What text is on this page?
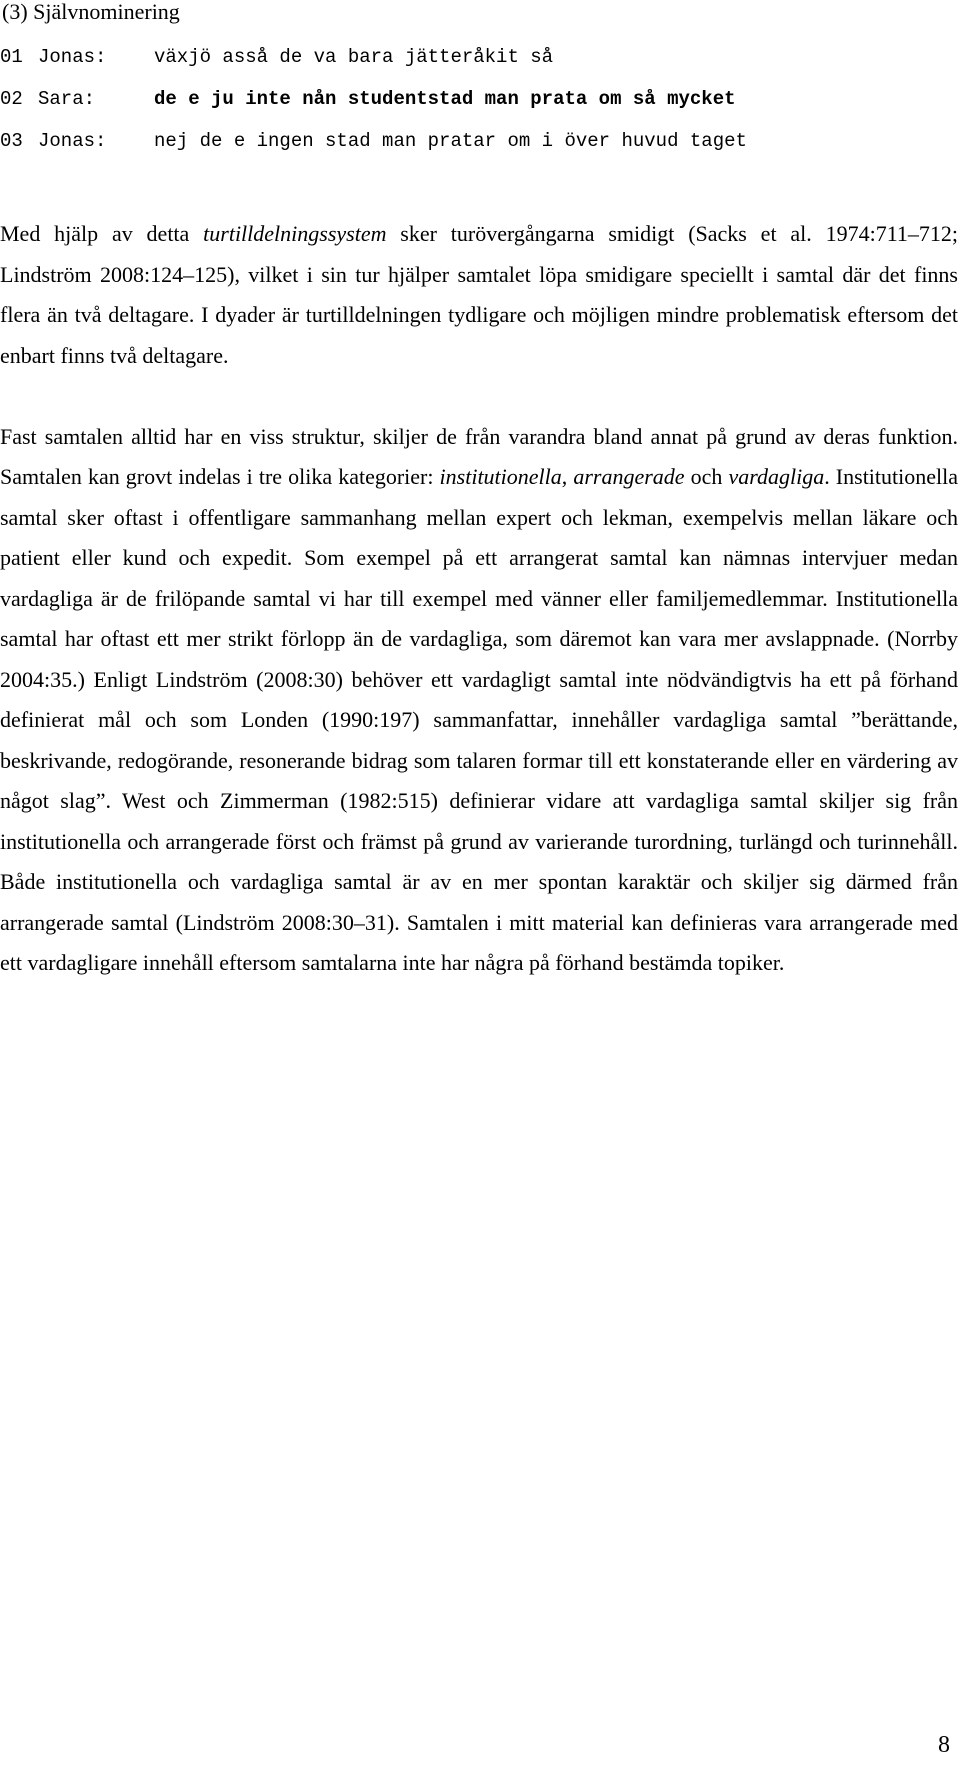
(3) Självnominering
01 Jonas:	växjö asså de va bara jätteråkit så
02 Sara:	de e ju inte nån studentstad man prata om så mycket
03 Jonas:	nej de e ingen stad man pratar om i över huvud taget

Med hjälp av detta turtilldelningssystem sker turövergångarna smidigt (Sacks et al. 1974:711–712; Lindström 2008:124–125), vilket i sin tur hjälper samtalet löpa smidigare speciellt i samtal där det finns flera än två deltagare. I dyader är turtilldelningen tydligare och möjligen mindre problematisk eftersom det enbart finns två deltagare.

Fast samtalen alltid har en viss struktur, skiljer de från varandra bland annat på grund av deras funktion. Samtalen kan grovt indelas i tre olika kategorier: institutionella, arrangerade och vardagliga. Institutionella samtal sker oftast i offentligare sammanhang mellan expert och lekman, exempelvis mellan läkare och patient eller kund och expedit. Som exempel på ett arrangerat samtal kan nämnas intervjuer medan vardagliga är de frilöpande samtal vi har till exempel med vänner eller familjemedlemmar. Institutionella samtal har oftast ett mer strikt förlopp än de vardagliga, som däremot kan vara mer avslappnade. (Norrby 2004:35.) Enligt Lindström (2008:30) behöver ett vardagligt samtal inte nödvändigtvis ha ett på förhand definierat mål och som Londen (1990:197) sammanfattar, innehåller vardagliga samtal ”berättande, beskrivande, redogörande, resonerande bidrag som talaren formar till ett konstaterande eller en värdering av något slag”. West och Zimmerman (1982:515) definierar vidare att vardagliga samtal skiljer sig från institutionella och arrangerade först och främst på grund av varierande turordning, turlängd och turinnehåll. Både institutionella och vardagliga samtal är av en mer spontan karaktär och skiljer sig därmed från arrangerade samtal (Lindström 2008:30–31). Samtalen i mitt material kan definieras vara arrangerade med ett vardagligare innehåll eftersom samtalarna inte har några på förhand bestämda topiker.

8
